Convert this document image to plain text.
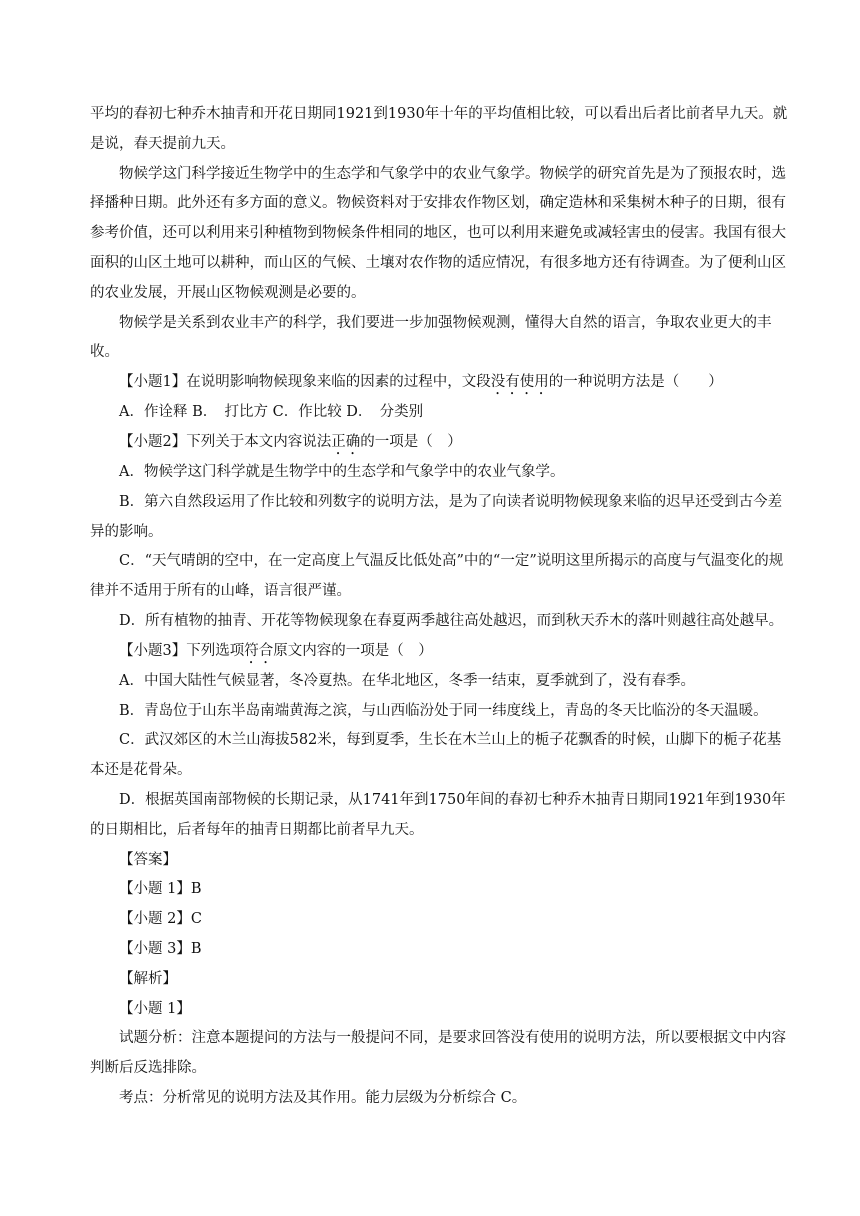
平均的春初七种乔木抽青和开花日期同1921到1930年十年的平均值相比较，可以看出后者比前者早九天。就是说，春天提前九天。

物候学这门科学接近生物学中的生态学和气象学中的农业气象学。物候学的研究首先是为了预报农时，选择播种日期。此外还有多方面的意义。物候资料对于安排农作物区划，确定造林和采集树木种子的日期，很有参考价值，还可以利用来引种植物到物候条件相同的地区，也可以利用来避免或减轻害虫的侵害。我国有很大面积的山区土地可以耕种，而山区的气候、土壤对农作物的适应情况，有很多地方还有待调查。为了便利山区的农业发展，开展山区物候观测是必要的。

物候学是关系到农业丰产的科学，我们要进一步加强物候观测，懂得大自然的语言，争取农业更大的丰收。

【小题1】在说明影响物候现象来临的因素的过程中，文段没有使用的一种说明方法是（　　）

A．作诠释 B．　打比方 C．作比较 D．　分类别

【小题2】下列关于本文内容说法正确的一项是（　）

A．物候学这门科学就是生物学中的生态学和气象学中的农业气象学。

B．第六自然段运用了作比较和列数字的说明方法，是为了向读者说明物候现象来临的迟早还受到古今差异的影响。

C．“天气晴朗的空中，在一定高度上气温反比低处高”中的“一定”说明这里所揭示的高度与气温变化的规律并不适用于所有的山峰，语言很严谨。

D．所有植物的抽青、开花等物候现象在春夏两季越往高处越迟，而到秋天乔木的落叶则越往高处越早。

【小题3】下列选项符合原文内容的一项是（　）

A．中国大陆性气候显著，冬冷夏热。在华北地区，冬季一结束，夏季就到了，没有春季。

B．青岛位于山东半岛南端黄海之滨，与山西临汾处于同一纬度线上，青岛的冬天比临汾的冬天温暖。

C．武汉郊区的木兰山海拔582米，每到夏季，生长在木兰山上的栀子花飘香的时候，山脚下的栀子花基本还是花骨朵。

D．根据英国南部物候的长期记录，从1741年到1750年间的春初七种乔木抽青日期同1921年到1930年的日期相比，后者每年的抽青日期都比前者早九天。

【答案】

【小题 1】B

【小题 2】C

【小题 3】B

【解析】

【小题 1】

试题分析：注意本题提问的方法与一般提问不同，是要求回答没有使用的说明方法，所以要根据文中内容判断后反选排除。

考点：分析常见的说明方法及其作用。能力层级为分析综合 C。
